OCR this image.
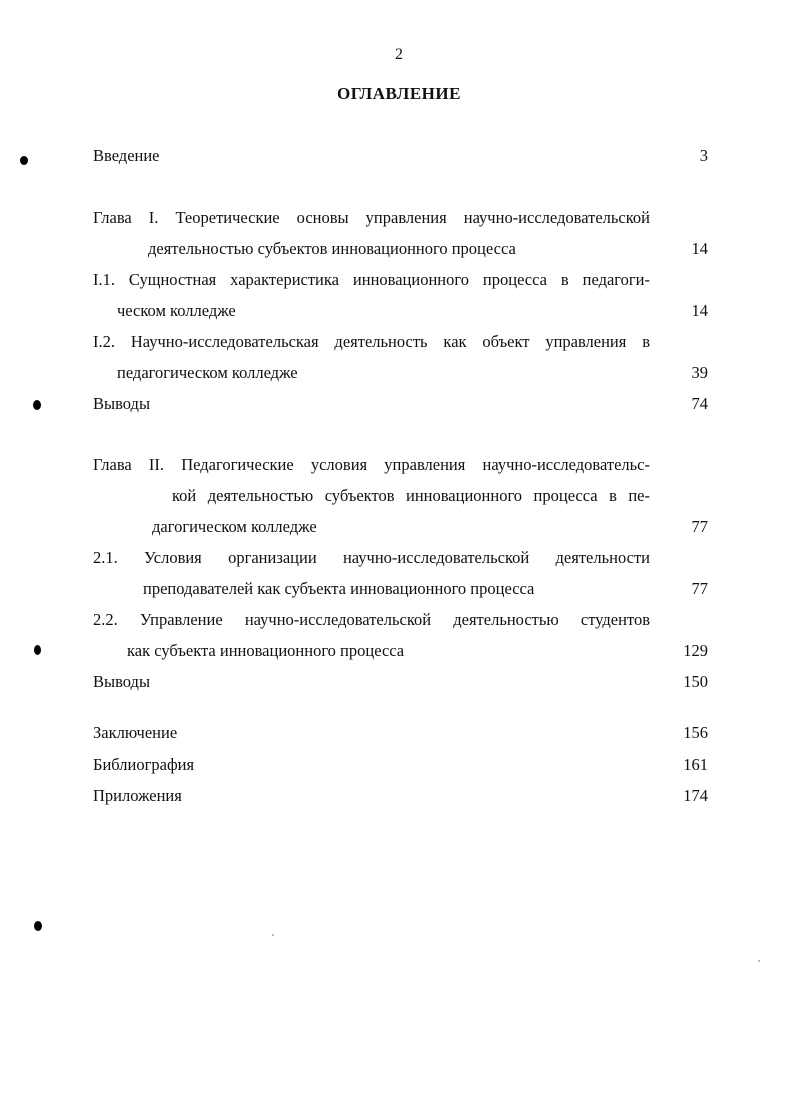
2
ОГЛАВЛЕНИЕ
Введение	3
Глава I. Теоретические основы управления научно-исследовательской
деятельностью субъектов инновационного процесса	14
I.1. Сущностная характеристика инновационного процесса в педагоги-
ческом колледже	14
I.2. Научно-исследовательская деятельность как объект управления в
педагогическом колледже	39
Выводы	74
Глава II. Педагогические условия управления научно-исследовательс-
кой деятельностью субъектов инновационного процесса в пе-
дагогическом колледже	77
2.1. Условия организации научно-исследовательской деятельности
преподавателей как субъекта инновационного процесса	77
2.2. Управление научно-исследовательской деятельностью студентов
как субъекта инновационного процесса	129
Выводы	150
Заключение	156
Библиография	161
Приложения	174
